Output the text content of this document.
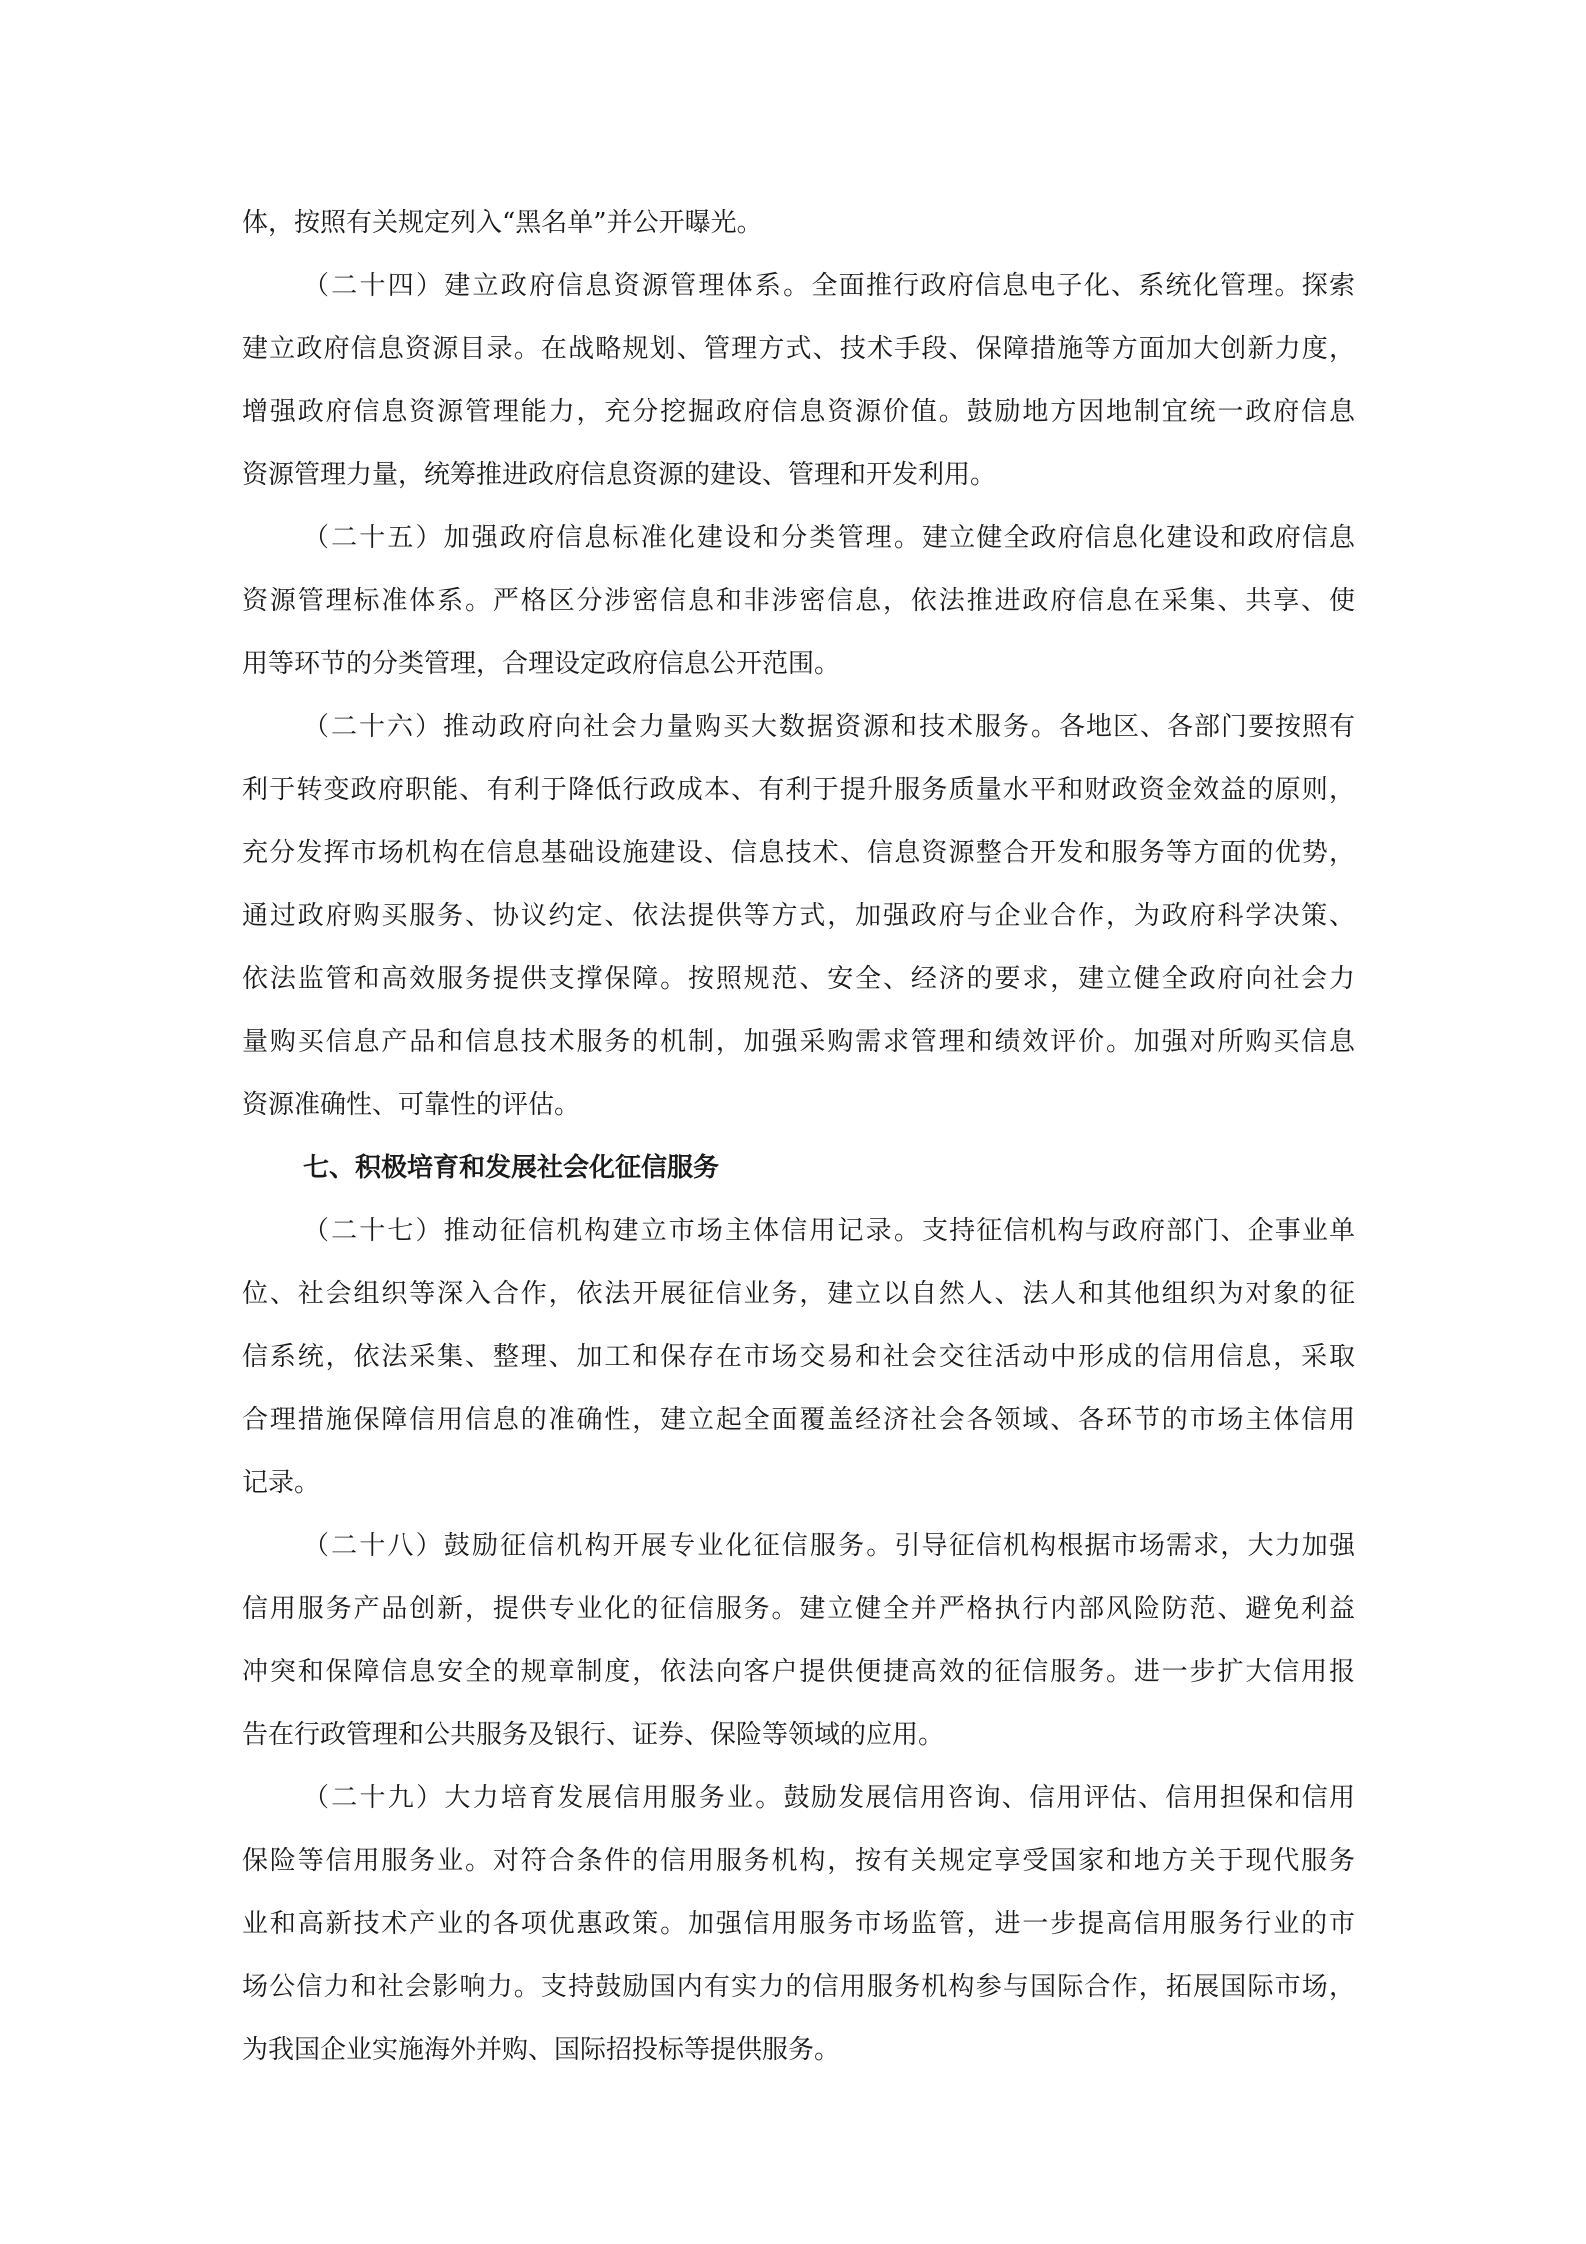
体，按照有关规定列入“黑名单”并公开曝光。
（二十四）建立政府信息资源管理体系。全面推行政府信息电子化、系统化管理。探索
建立政府信息资源目录。在战略规划、管理方式、技术手段、保障措施等方面加大创新力度，
增强政府信息资源管理能力，充分挖掘政府信息资源价值。鼓励地方因地制宜统一政府信息
资源管理力量，统筹推进政府信息资源的建设、管理和开发利用。
（二十五）加强政府信息标准化建设和分类管理。建立健全政府信息化建设和政府信息
资源管理标准体系。严格区分涉密信息和非涉密信息，依法推进政府信息在采集、共享、使
用等环节的分类管理，合理设定政府信息公开范围。
（二十六）推动政府向社会力量购买大数据资源和技术服务。各地区、各部门要按照有
利于转变政府职能、有利于降低行政成本、有利于提升服务质量水平和财政资金效益的原则，
充分发挥市场机构在信息基础设施建设、信息技术、信息资源整合开发和服务等方面的优势，
通过政府购买服务、协议约定、依法提供等方式，加强政府与企业合作，为政府科学决策、
依法监管和高效服务提供支撑保障。按照规范、安全、经济的要求，建立健全政府向社会力
量购买信息产品和信息技术服务的机制，加强采购需求管理和绩效评价。加强对所购买信息
资源准确性、可靠性的评估。
七、积极培育和发展社会化征信服务
（二十七）推动征信机构建立市场主体信用记录。支持征信机构与政府部门、企事业单
位、社会组织等深入合作，依法开展征信业务，建立以自然人、法人和其他组织为对象的征
信系统，依法采集、整理、加工和保存在市场交易和社会交往活动中形成的信用信息，采取
合理措施保障信用信息的准确性，建立起全面覆盖经济社会各领域、各环节的市场主体信用
记录。
（二十八）鼓励征信机构开展专业化征信服务。引导征信机构根据市场需求，大力加强
信用服务产品创新，提供专业化的征信服务。建立健全并严格执行内部风险防范、避免利益
冲突和保障信息安全的规章制度，依法向客户提供便捷高效的征信服务。进一步扩大信用报
告在行政管理和公共服务及银行、证券、保险等领域的应用。
（二十九）大力培育发展信用服务业。鼓励发展信用咨询、信用评估、信用担保和信用
保险等信用服务业。对符合条件的信用服务机构，按有关规定享受国家和地方关于现代服务
业和高新技术产业的各项优惠政策。加强信用服务市场监管，进一步提高信用服务行业的市
场公信力和社会影响力。支持鼓励国内有实力的信用服务机构参与国际合作，拓展国际市场，
为我国企业实施海外并购、国际招投标等提供服务。
